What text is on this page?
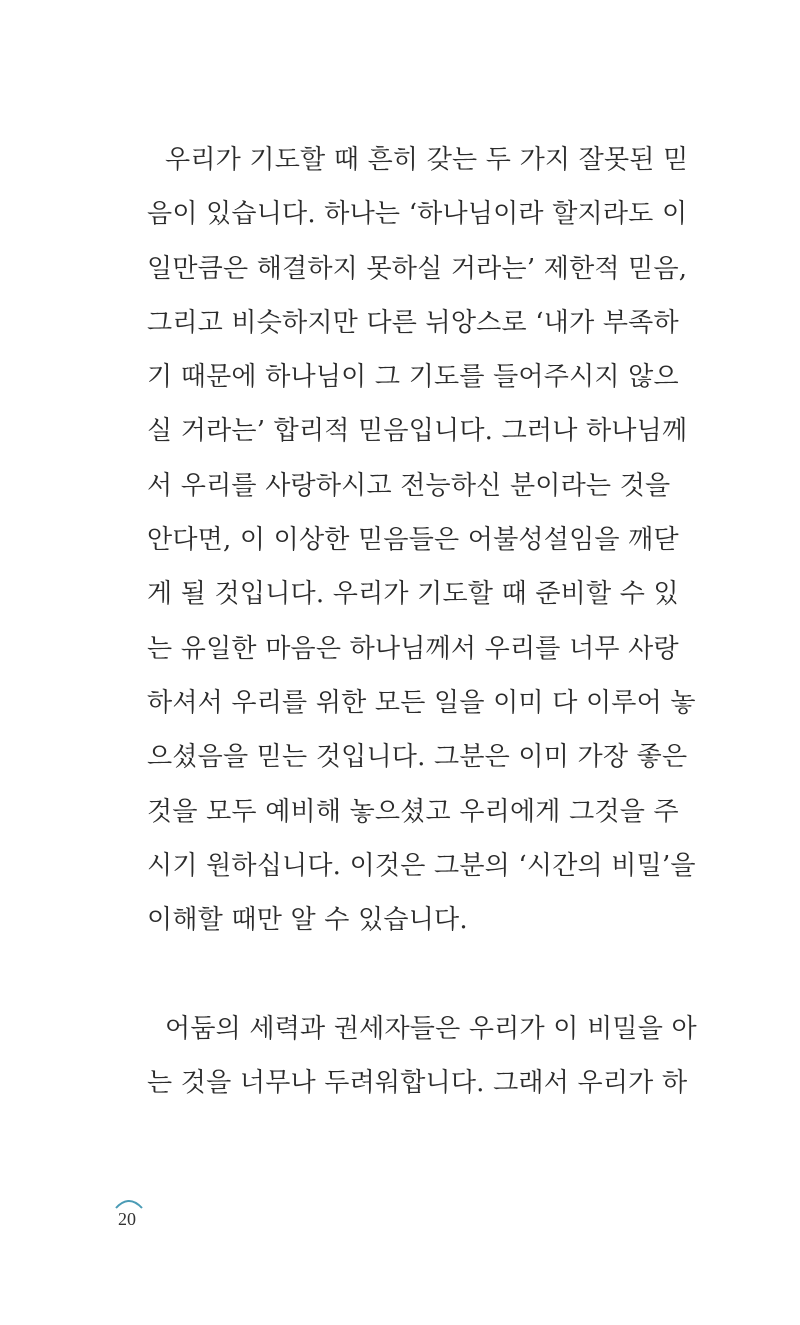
우리가 기도할 때 흔히 갖는 두 가지 잘못된 믿
음이 있습니다. 하나는 ‘하나님이라 할지라도 이
일만큼은 해결하지 못하실 거라는’ 제한적 믿음,
그리고 비슷하지만 다른 뉘앙스로 ‘내가 부족하
기 때문에 하나님이 그 기도를 들어주시지 않으
실 거라는’ 합리적 믿음입니다. 그러나 하나님께
서 우리를 사랑하시고 전능하신 분이라는 것을
안다면, 이 이상한 믿음들은 어불성설임을 깨닫
게 될 것입니다. 우리가 기도할 때 준비할 수 있
는 유일한 마음은 하나님께서 우리를 너무 사랑
하셔서 우리를 위한 모든 일을 이미 다 이루어 놓
으셨음을 믿는 것입니다. 그분은 이미 가장 좋은
것을 모두 예비해 놓으셨고 우리에게 그것을 주
시기 원하십니다. 이것은 그분의 ‘시간의 비밀’을
이해할 때만 알 수 있습니다.
어둠의 세력과 권세자들은 우리가 이 비밀을 아
는 것을 너무나 두려워합니다. 그래서 우리가 하
20
